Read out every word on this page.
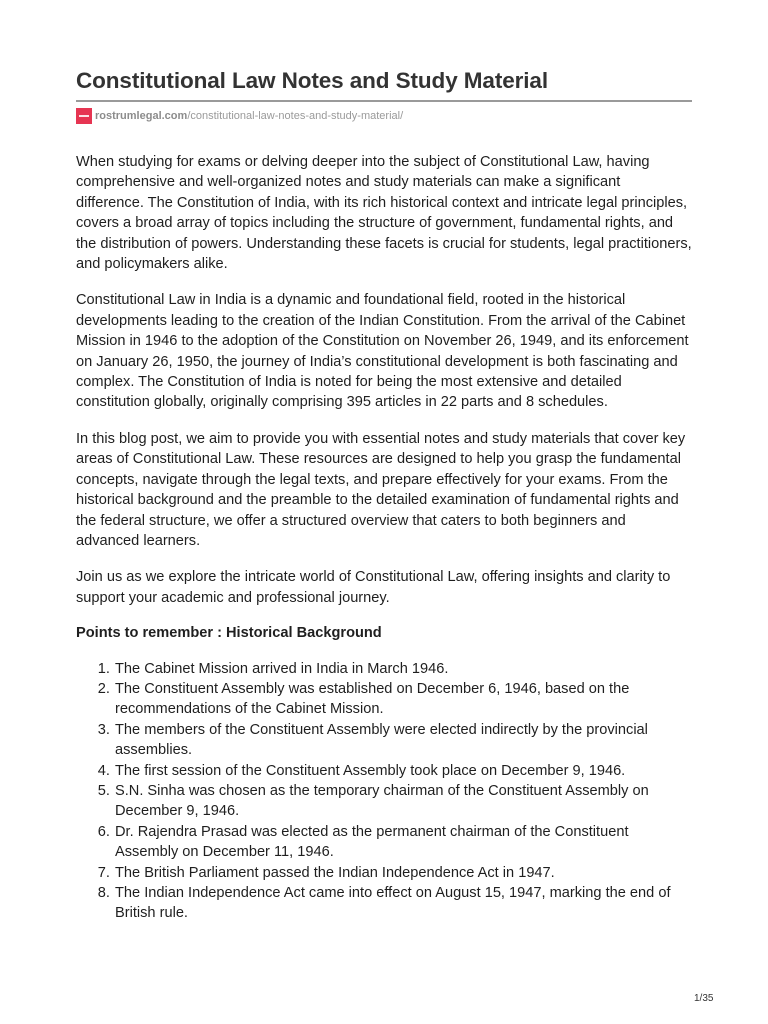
Constitutional Law Notes and Study Material
rostrumlegal.com /constitutional-law-notes-and-study-material/

When studying for exams or delving deeper into the subject of Constitutional Law, having comprehensive and well-organized notes and study materials can make a significant difference. The Constitution of India, with its rich historical context and intricate legal principles, covers a broad array of topics including the structure of government, fundamental rights, and the distribution of powers. Understanding these facets is crucial for students, legal practitioners, and policymakers alike.

Constitutional Law in India is a dynamic and foundational field, rooted in the historical developments leading to the creation of the Indian Constitution. From the arrival of the Cabinet Mission in 1946 to the adoption of the Constitution on November 26, 1949, and its enforcement on January 26, 1950, the journey of India’s constitutional development is both fascinating and complex. The Constitution of India is noted for being the most extensive and detailed constitution globally, originally comprising 395 articles in 22 parts and 8 schedules.

In this blog post, we aim to provide you with essential notes and study materials that cover key areas of Constitutional Law. These resources are designed to help you grasp the fundamental concepts, navigate through the legal texts, and prepare effectively for your exams. From the historical background and the preamble to the detailed examination of fundamental rights and the federal structure, we offer a structured overview that caters to both beginners and advanced learners.

Join us as we explore the intricate world of Constitutional Law, offering insights and clarity to support your academic and professional journey.

Points to remember : Historical Background
1. The Cabinet Mission arrived in India in March 1946.
2. The Constituent Assembly was established on December 6, 1946, based on the recommendations of the Cabinet Mission.
3. The members of the Constituent Assembly were elected indirectly by the provincial assemblies.
4. The first session of the Constituent Assembly took place on December 9, 1946.
5. S.N. Sinha was chosen as the temporary chairman of the Constituent Assembly on December 9, 1946.
6. Dr. Rajendra Prasad was elected as the permanent chairman of the Constituent Assembly on December 11, 1946.
7. The British Parliament passed the Indian Independence Act in 1947.
8. The Indian Independence Act came into effect on August 15, 1947, marking the end of British rule.
1/35
